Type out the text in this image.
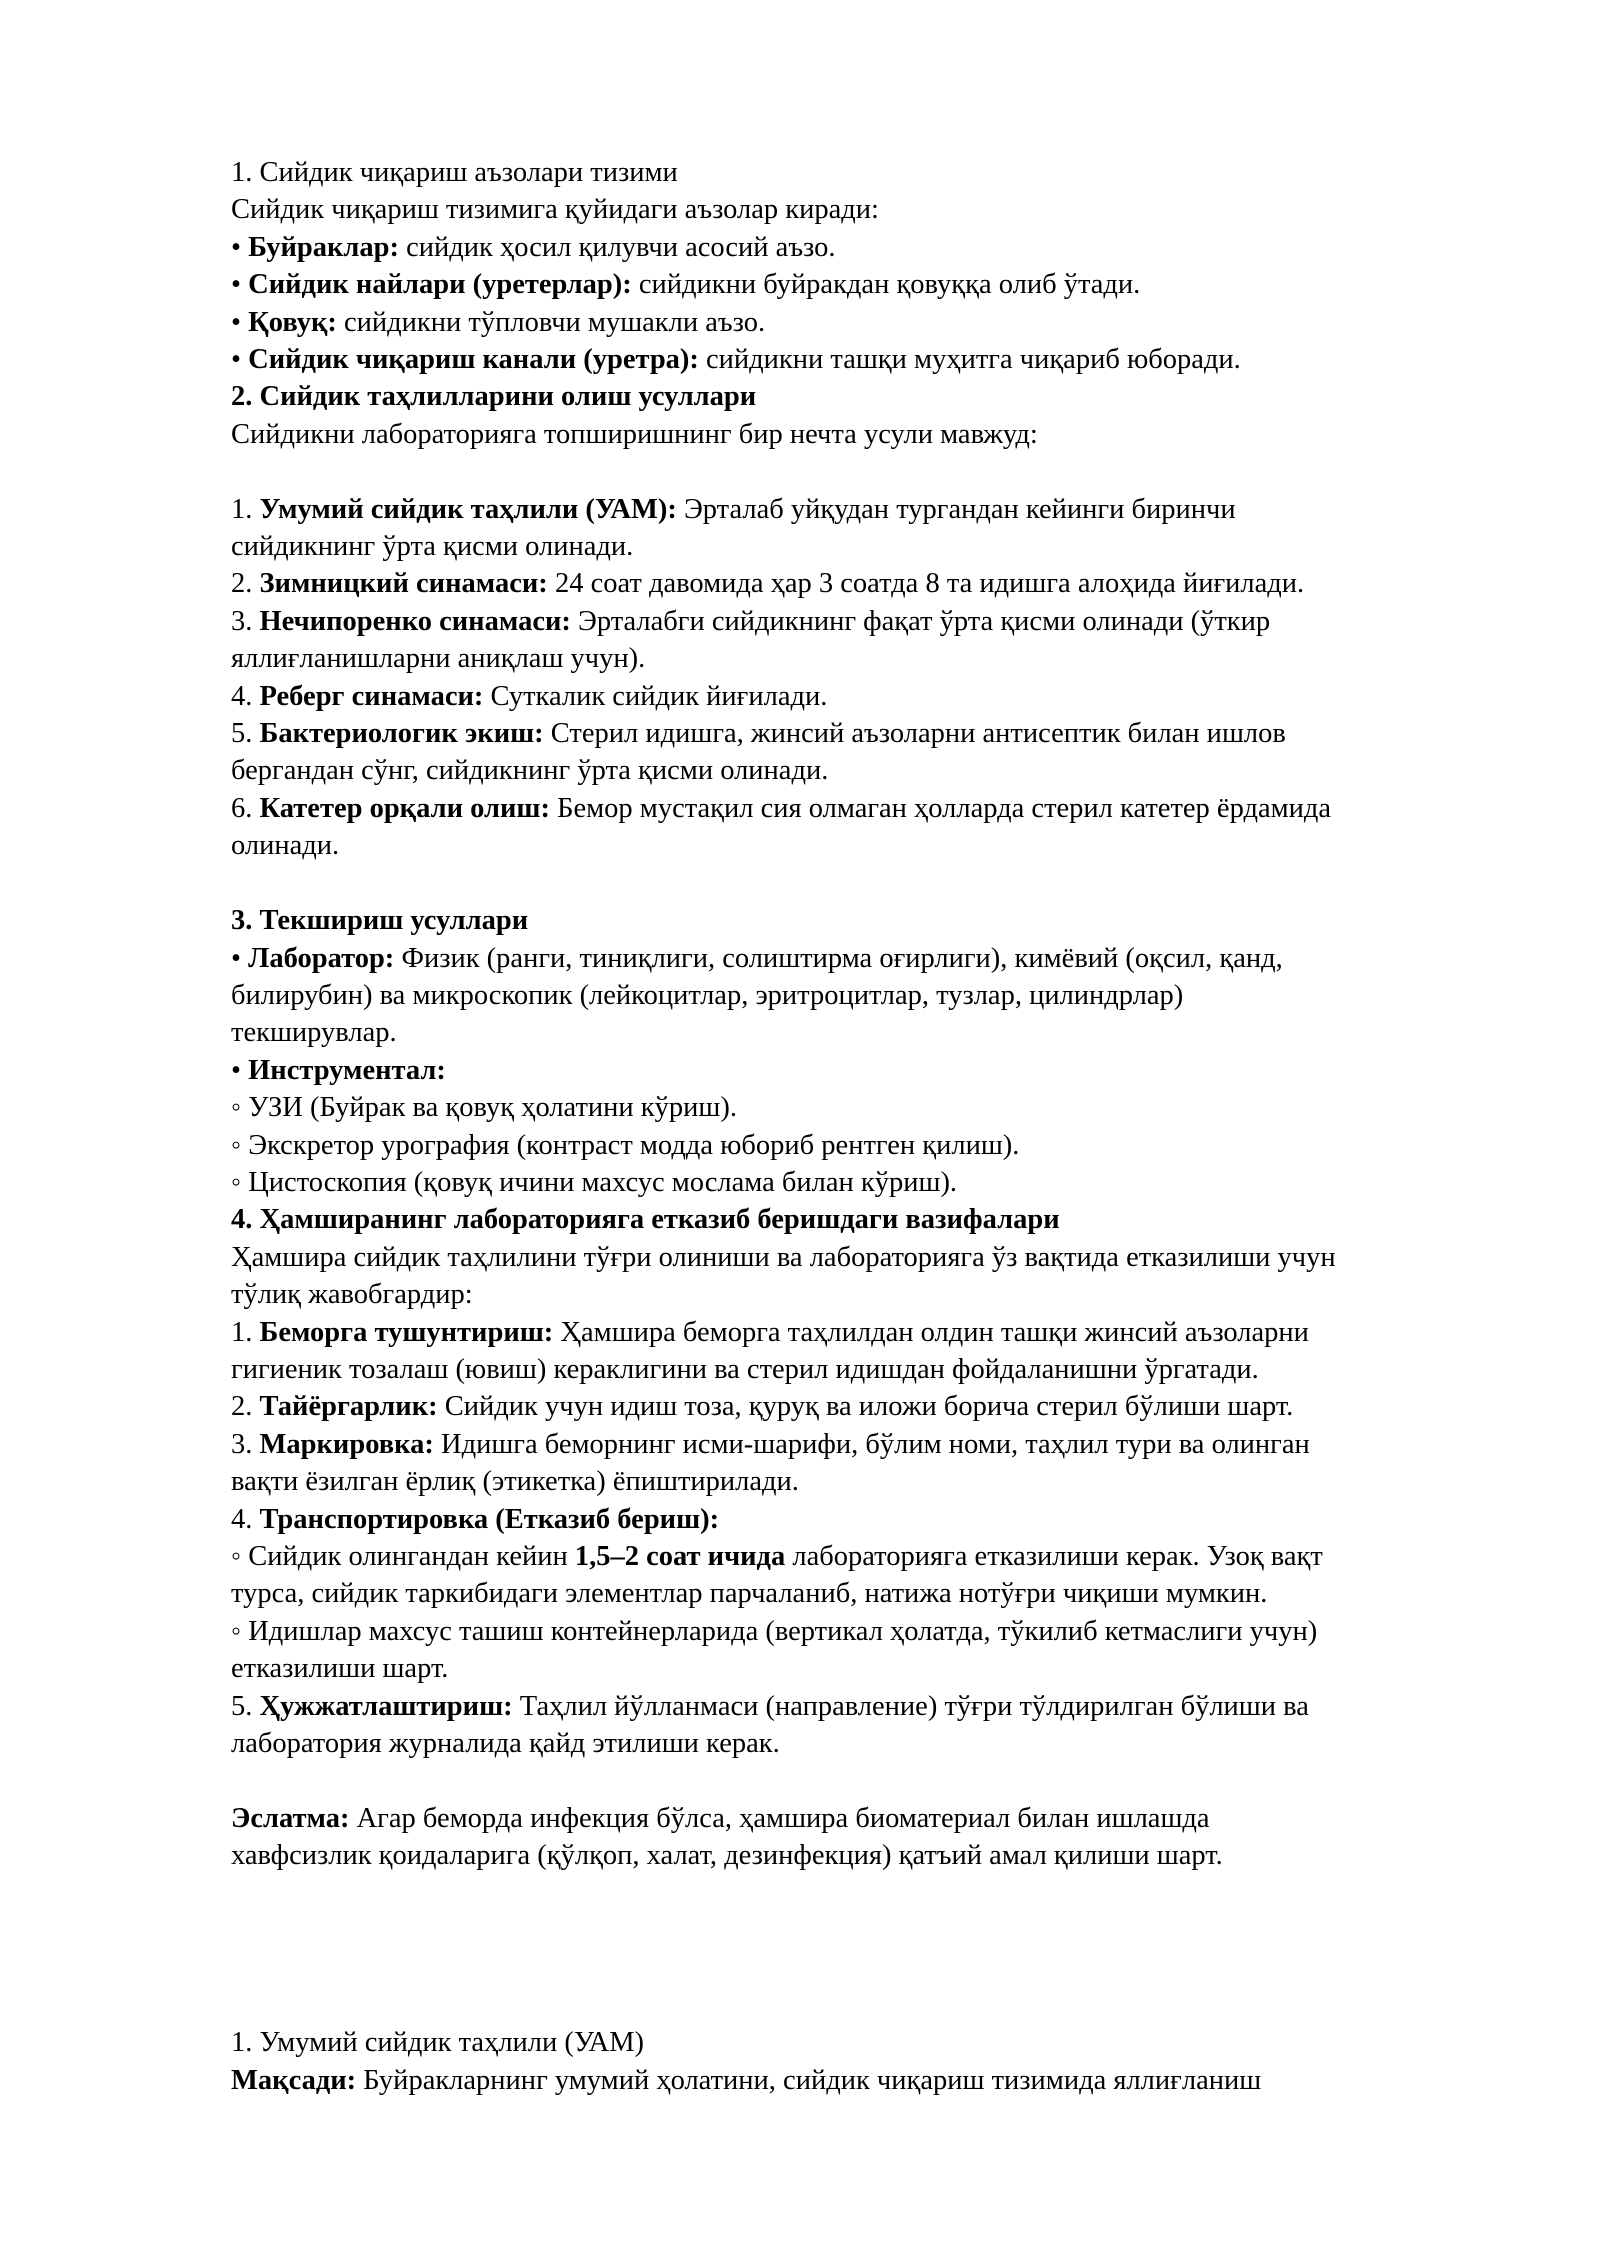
1. Сийдик чиқариш аъзолари тизими
Сийдик чиқариш тизимига қуйидаги аъзолар киради:
• Буйраклар: сийдик ҳосил қилувчи асосий аъзо.
• Сийдик найлари (уретерлар): сийдикни буйракдан қовуққа олиб ўтади.
• Қовуқ: сийдикни тўпловчи мушакли аъзо.
• Сийдик чиқариш канали (уретра): сийдикни ташқи муҳитга чиқариб юборади.
2. Сийдик таҳлилларини олиш усуллари
Сийдикни лабораторияга топширишнинг бир нечта усули мавжуд:
1. Умумий сийдик таҳлили (УАМ): Эрталаб уйқудан тургандан кейинги биринчи
сийдикнинг ўрта қисми олинади.
2. Зимницкий синамаси: 24 соат давомида ҳар 3 соатда 8 та идишга алоҳида йиғилади.
3. Нечипоренко синамаси: Эрталабги сийдикнинг фақат ўрта қисми олинади (ўткир
яллиғланишларни аниқлаш учун).
4. Реберг синамаси: Суткалик сийдик йиғилади.
5. Бактериологик экиш: Стерил идишга, жинсий аъзоларни антисептик билан ишлов
бергандан сўнг, сийдикнинг ўрта қисми олинади.
6. Катетер орқали олиш: Бемор мустақил сия олмаган ҳолларда стерил катетер ёрдамида
олинади.
3. Текшириш усуллари
• Лаборатор: Физик (ранги, тиниқлиги, солиштирма оғирлиги), кимёвий (оқсил, қанд,
билирубин) ва микроскопик (лейкоцитлар, эритроцитлар, тузлар, цилиндрлар)
текширувлар.
• Инструментал:
◦ УЗИ (Буйрак ва қовуқ ҳолатини кўриш).
◦ Экскретор урография (контраст модда юбориб рентген қилиш).
◦ Цистоскопия (қовуқ ичини махсус мослама билан кўриш).
4. Ҳамширанинг лабораторияга етказиб беришдаги вазифалари
Ҳамшира сийдик таҳлилини тўғри олиниши ва лабораторияга ўз вақтида етказилиши учун
тўлиқ жавобгардир:
1. Беморга тушунтириш: Ҳамшира беморга таҳлилдан олдин ташқи жинсий аъзоларни
гигиеник тозалаш (ювиш) кераклигини ва стерил идишдан фойдаланишни ўргатади.
2. Тайёргарлик: Сийдик учун идиш тоза, қуруқ ва иложи борича стерил бўлиши шарт.
3. Маркировка: Идишга беморнинг исми-шарифи, бўлим номи, таҳлил тури ва олинган
вақти ёзилган ёрлиқ (этикетка) ёпиштирилади.
4. Транспортировка (Етказиб бериш):
◦ Сийдик олингандан кейин 1,5–2 соат ичида лабораторияга етказилиши керак. Узоқ вақт
турса, сийдик таркибидаги элементлар парчаланиб, натижа нотўғри чиқиши мумкин.
◦ Идишлар махсус ташиш контейнерларида (вертикал ҳолатда, тўкилиб кетмаслиги учун)
етказилиши шарт.
5. Ҳужжатлаштириш: Таҳлил йўлланмаси (направление) тўғри тўлдирилган бўлиши ва
лаборатория журналида қайд этилиши керак.
Эслатма: Агар беморда инфекция бўлса, ҳамшира биоматериал билан ишлашда
хавфсизлик қоидаларига (қўлқоп, халат, дезинфекция) қатъий амал қилиши шарт.
1. Умумий сийдик таҳлили (УАМ)
Мақсади: Буйракларнинг умумий ҳолатини, сийдик чиқариш тизимида яллиғланиш
